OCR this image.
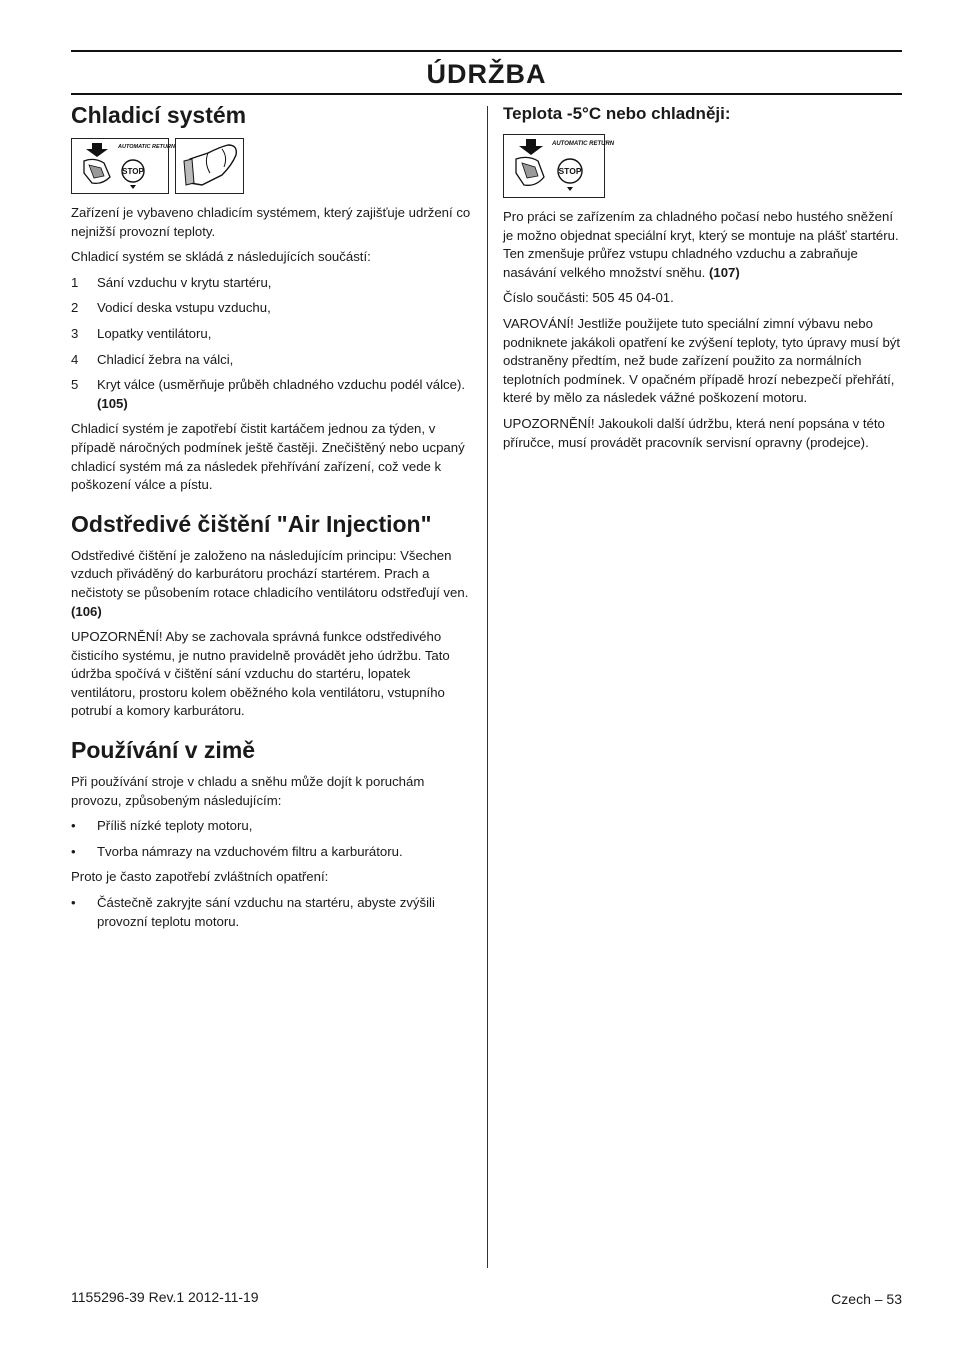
ÚDRŽBA
Chladicí systém
AUTOMATIC RETURN
STOP

Zařízení je vybaveno chladicím systémem, který zajišťuje udržení co nejnižší provozní teploty.

Chladicí systém se skládá z následujících součástí:

1 Sání vzduchu v krytu startéru,
2 Vodicí deska vstupu vzduchu,
3 Lopatky ventilátoru,
4 Chladicí žebra na válci,
5 Kryt válce (usměrňuje průběh chladného vzduchu podél válce). (105)

Chladicí systém je zapotřebí čistit kartáčem jednou za týden, v případě náročných podmínek ještě častěji. Znečištěný nebo ucpaný chladicí systém má za následek přehřívání zařízení, což vede k poškození válce a pístu.

Odstředivé čištění "Air Injection"

Odstředivé čištění je založeno na následujícím principu: Všechen vzduch přiváděný do karburátoru prochází startérem. Prach a nečistoty se působením rotace chladicího ventilátoru odstřeďují ven. (106)

UPOZORNĚNÍ! Aby se zachovala správná funkce odstředivého čisticího systému, je nutno pravidelně provádět jeho údržbu. Tato údržba spočívá v čištění sání vzduchu do startéru, lopatek ventilátoru, prostoru kolem oběžného kola ventilátoru, vstupního potrubí a komory karburátoru.

Používání v zimě

Při používání stroje v chladu a sněhu může dojít k poruchám provozu, způsobeným následujícím:

• Příliš nízké teploty motoru,
• Tvorba námrazy na vzduchovém filtru a karburátoru.

Proto je často zapotřebí zvláštních opatření:

• Částečně zakryjte sání vzduchu na startéru, abyste zvýšili provozní teplotu motoru.
Teplota -5°C nebo chladněji:
AUTOMATIC RETURN
STOP

Pro práci se zařízením za chladného počasí nebo hustého sněžení je možno objednat speciální kryt, který se montuje na plášť startéru. Ten zmenšuje průřez vstupu chladného vzduchu a zabraňuje nasávání velkého množství sněhu. (107)

Číslo součásti: 505 45 04-01.

VAROVÁNÍ! Jestliže použijete tuto speciální zimní výbavu nebo podniknete jakákoli opatření ke zvýšení teploty, tyto úpravy musí být odstraněny předtím, než bude zařízení použito za normálních teplotních podmínek. V opačném případě hrozí nebezpečí přehřátí, které by mělo za následek vážné poškození motoru.

UPOZORNĚNÍ! Jakoukoli další údržbu, která není popsána v této příručce, musí provádět pracovník servisní opravny (prodejce).

1155296-39 Rev.1 2012-11-19	Czech – 53
